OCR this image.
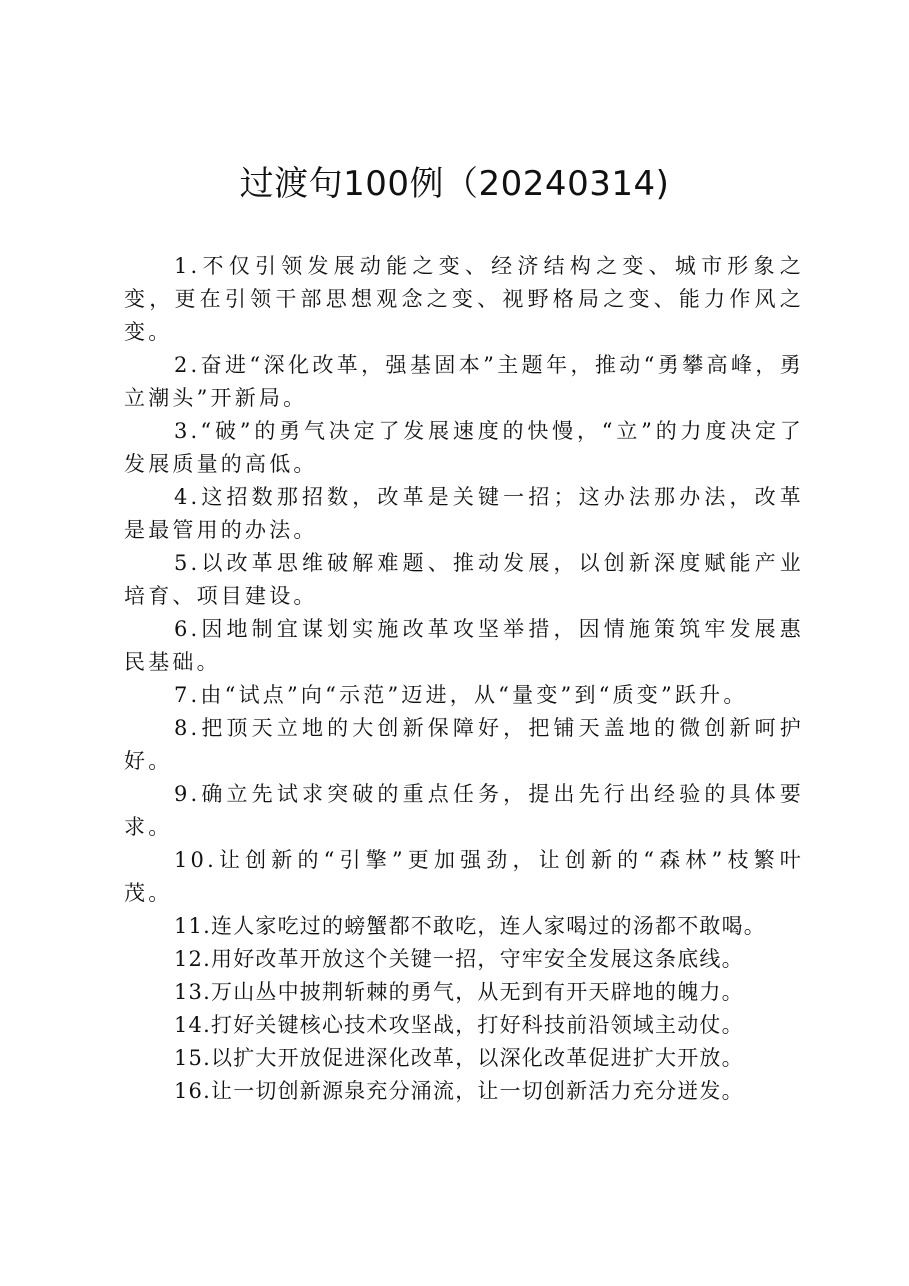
过渡句100例（20240314)

1.不仅引领发展动能之变、经济结构之变、城市形象之变，更在引领干部思想观念之变、视野格局之变、能力作风之变。

2.奋进“深化改革，强基固本”主题年，推动“勇攀高峰，勇立潮头”开新局。

3.“破”的勇气决定了发展速度的快慢，“立”的力度决定了发展质量的高低。

4.这招数那招数，改革是关键一招；这办法那办法，改革是最管用的办法。

5.以改革思维破解难题、推动发展，以创新深度赋能产业培育、项目建设。

6.因地制宜谋划实施改革攻坚举措，因情施策筑牢发展惠民基础。

7.由“试点”向“示范”迈进，从“量变”到“质变”跃升。

8.把顶天立地的大创新保障好，把铺天盖地的微创新呵护好。

9.确立先试求突破的重点任务，提出先行出经验的具体要求。

10.让创新的“引擎”更加强劲，让创新的“森林”枝繁叶茂。

11.连人家吃过的螃蟹都不敢吃，连人家喝过的汤都不敢喝。

12.用好改革开放这个关键一招，守牢安全发展这条底线。

13.万山丛中披荆斩棘的勇气，从无到有开天辟地的魄力。

14.打好关键核心技术攻坚战，打好科技前沿领域主动仗。

15.以扩大开放促进深化改革，以深化改革促进扩大开放。

16.让一切创新源泉充分涌流，让一切创新活力充分迸发。
